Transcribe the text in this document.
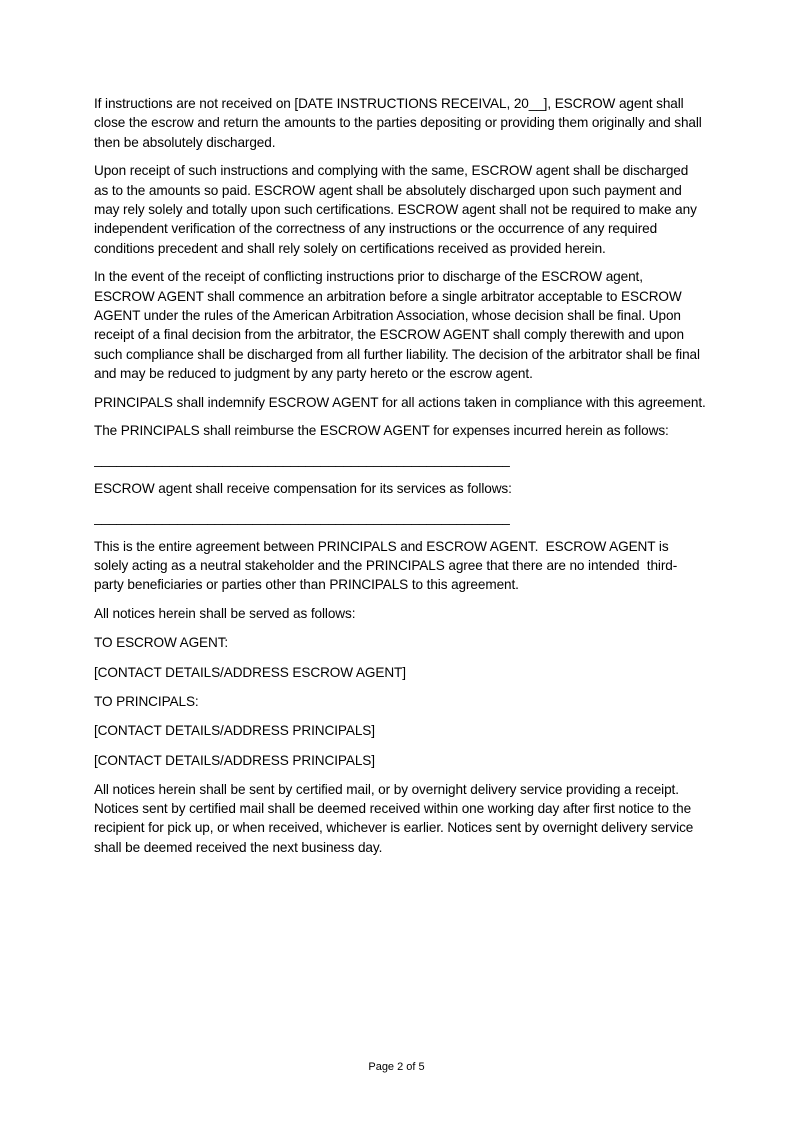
If instructions are not received on [DATE INSTRUCTIONS RECEIVAL, 20__], ESCROW agent shall close the escrow and return the amounts to the parties depositing or providing them originally and shall then be absolutely discharged.

Upon receipt of such instructions and complying with the same, ESCROW agent shall be discharged as to the amounts so paid. ESCROW agent shall be absolutely discharged upon such payment and may rely solely and totally upon such certifications. ESCROW agent shall not be required to make any independent verification of the correctness of any instructions or the occurrence of any required conditions precedent and shall rely solely on certifications received as provided herein.

In the event of the receipt of conflicting instructions prior to discharge of the ESCROW agent, ESCROW AGENT shall commence an arbitration before a single arbitrator acceptable to ESCROW AGENT under the rules of the American Arbitration Association, whose decision shall be final. Upon receipt of a final decision from the arbitrator, the ESCROW AGENT shall comply therewith and upon such compliance shall be discharged from all further liability. The decision of the arbitrator shall be final and may be reduced to judgment by any party hereto or the escrow agent.

PRINCIPALS shall indemnify ESCROW AGENT for all actions taken in compliance with this agreement.

The PRINCIPALS shall reimburse the ESCROW AGENT for expenses incurred herein as follows:

_______________________________________________________

ESCROW agent shall receive compensation for its services as follows:

_______________________________________________________

This is the entire agreement between PRINCIPALS and ESCROW AGENT.  ESCROW AGENT is solely acting as a neutral stakeholder and the PRINCIPALS agree that there are no intended  third-party beneficiaries or parties other than PRINCIPALS to this agreement.

All notices herein shall be served as follows:

TO ESCROW AGENT:

[CONTACT DETAILS/ADDRESS ESCROW AGENT]

TO PRINCIPALS:

[CONTACT DETAILS/ADDRESS PRINCIPALS]

[CONTACT DETAILS/ADDRESS PRINCIPALS]

All notices herein shall be sent by certified mail, or by overnight delivery service providing a receipt. Notices sent by certified mail shall be deemed received within one working day after first notice to the recipient for pick up, or when received, whichever is earlier. Notices sent by overnight delivery service shall be deemed received the next business day.

Page 2 of 5
